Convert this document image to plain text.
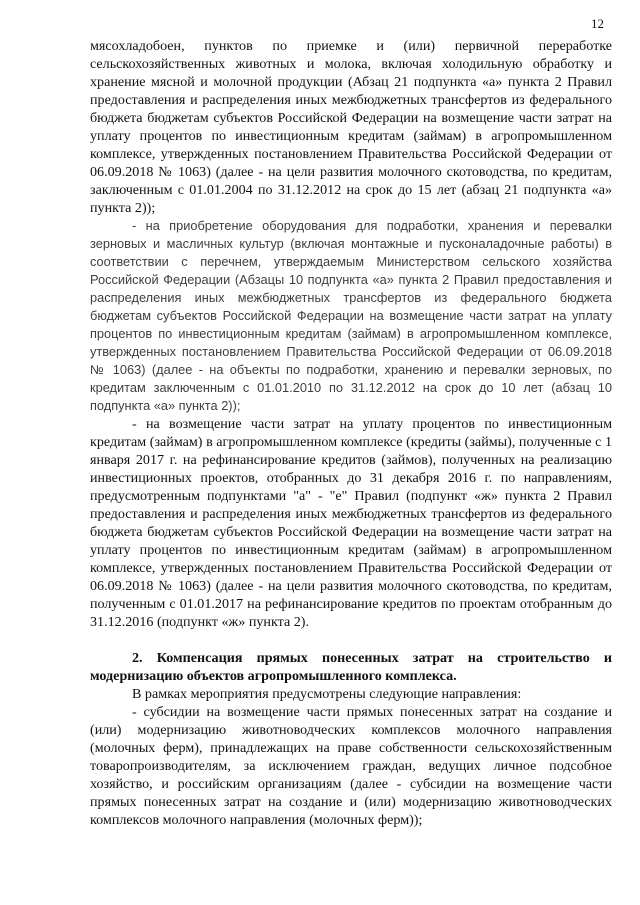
12

мясохладобоен, пунктов по приемке и (или) первичной переработке сельскохозяйственных животных и молока, включая холодильную обработку и хранение мясной и молочной продукции (Абзац 21 подпункта «а» пункта 2 Правил предоставления и распределения иных межбюджетных трансфертов из федерального бюджета бюджетам субъектов Российской Федерации на возмещение части затрат на уплату процентов по инвестиционным кредитам (займам) в агропромышленном комплексе, утвержденных постановлением Правительства Российской Федерации от 06.09.2018 № 1063) (далее - на цели развития молочного скотоводства, по кредитам, заключенным с 01.01.2004 по 31.12.2012 на срок до 15 лет (абзац 21 подпункта «а» пункта 2));

- на приобретение оборудования для подработки, хранения и перевалки зерновых и масличных культур (включая монтажные и пусконаладочные работы) в соответствии с перечнем, утверждаемым Министерством сельского хозяйства Российской Федерации (Абзацы 10 подпункта «а» пункта 2 Правил предоставления и распределения иных межбюджетных трансфертов из федерального бюджета бюджетам субъектов Российской Федерации на возмещение части затрат на уплату процентов по инвестиционным кредитам (займам) в агропромышленном комплексе, утвержденных постановлением Правительства Российской Федерации от 06.09.2018 № 1063) (далее - на объекты по подработки, хранению и перевалки зерновых, по кредитам заключенным с 01.01.2010 по 31.12.2012 на срок до 10 лет (абзац 10 подпункта «а» пункта 2));

- на возмещение части затрат на уплату процентов по инвестиционным кредитам (займам) в агропромышленном комплексе (кредиты (займы), полученные с 1 января 2017 г. на рефинансирование кредитов (займов), полученных на реализацию инвестиционных проектов, отобранных до 31 декабря 2016 г. по направлениям, предусмотренным подпунктами "а" - "е" Правил (подпункт «ж» пункта 2 Правил предоставления и распределения иных межбюджетных трансфертов из федерального бюджета бюджетам субъектов Российской Федерации на возмещение части затрат на уплату процентов по инвестиционным кредитам (займам) в агропромышленном комплексе, утвержденных постановлением Правительства Российской Федерации от 06.09.2018 № 1063) (далее - на цели развития молочного скотоводства, по кредитам, полученным с 01.01.2017 на рефинансирование кредитов по проектам отобранным до 31.12.2016 (подпункт «ж» пункта 2).

2. Компенсация прямых понесенных затрат на строительство и модернизацию объектов агропромышленного комплекса.

В рамках мероприятия предусмотрены следующие направления:

- субсидии на возмещение части прямых понесенных затрат на создание и (или) модернизацию животноводческих комплексов молочного направления (молочных ферм), принадлежащих на праве собственности сельскохозяйственным товаропроизводителям, за исключением граждан, ведущих личное подсобное хозяйство, и российским организациям (далее - субсидии на возмещение части прямых понесенных затрат на создание и (или) модернизацию животноводческих комплексов молочного направления (молочных ферм));
